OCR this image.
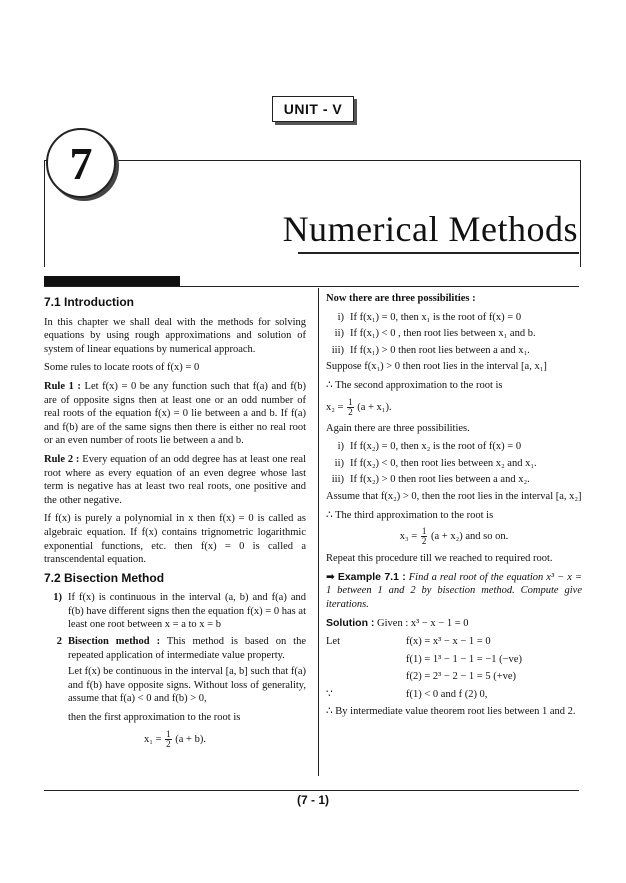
UNIT - V
7
Numerical Methods
7.1 Introduction

In this chapter we shall deal with the methods for solving equations by using rough approximations and solution of system of linear equations by numerical approach.

Some rules to locate roots of f(x) = 0

Rule 1 : Let f(x) = 0 be any function such that f(a) and f(b) are of opposite signs then at least one or an odd number of real roots of the equation f(x) = 0 lie between a and b. If f(a) and f(b) are of the same signs then there is either no real root or an even number of roots lie between a and b.

Rule 2 : Every equation of an odd degree has at least one real root where as every equation of an even degree whose last term is negative has at least two real roots, one positive and the other negative.

If f(x) is purely a polynomial in x then f(x) = 0 is called as algebraic equation. If f(x) contains trignometric logarithmic exponential functions, etc. then f(x) = 0 is called a transcendental equation.

7.2 Bisection Method
1) If f(x) is continuous in the interval (a, b) and f(a) and f(b) have different signs then the equation f(x) = 0 has at least one root between x = a to x = b
2 Bisection method : This method is based on the repeated application of intermediate value property.

Let f(x) be continuous in the interval [a, b] such that f(a) and f(b) have opposite signs. Without loss of generality, assume that f(a) < 0 and f(b) > 0,

then the first approximation to the root is

$x_1 = \frac{1}{2} (a + b)$.

Now there are three possibilities :

i) If f(x₁) = 0, then x₁ is the root of f(x) = 0
ii) If f(x₁) < 0 , then root lies between x₁ and b.
iii) If f(x₁) > 0 then root lies between a and x₁.

Suppose f(x₁) > 0 then root lies in the interval [a, x₁]

∴ The second approximation to the root is

$x_2 = \frac{1}{2} (a + x_1)$.

Again there are three possibilities.

i) If f(x₂) = 0, then x₂ is the root of f(x) = 0
ii) If f(x₂) < 0, then root lies between x₂ and x₁.
iii) If f(x₂) > 0 then root lies between a and x₂.

Assume that f(x₂) > 0, then the root lies in the interval [a, x₂]

∴ The third approximation to the root is

$x_3 = \frac{1}{2} (a + x_2)$ and so on.

Repeat this procedure till we reached to required root.

➡ Example 7.1 : Find a real root of the equation x³ − x = 1 between 1 and 2 by bisection method. Compute give iterations.

Solution : Given : x³ − x − 1 = 0

Let	f(x) = x³ − x − 1 = 0
f(1) = 1³ − 1 − 1 = −1 (−ve)
f(2) = 2³ − 2 − 1 = 5 (+ve)
∵	f(1) < 0 and f (2) 0,

∴ By intermediate value theorem root lies between 1 and 2.

(7 - 1)
